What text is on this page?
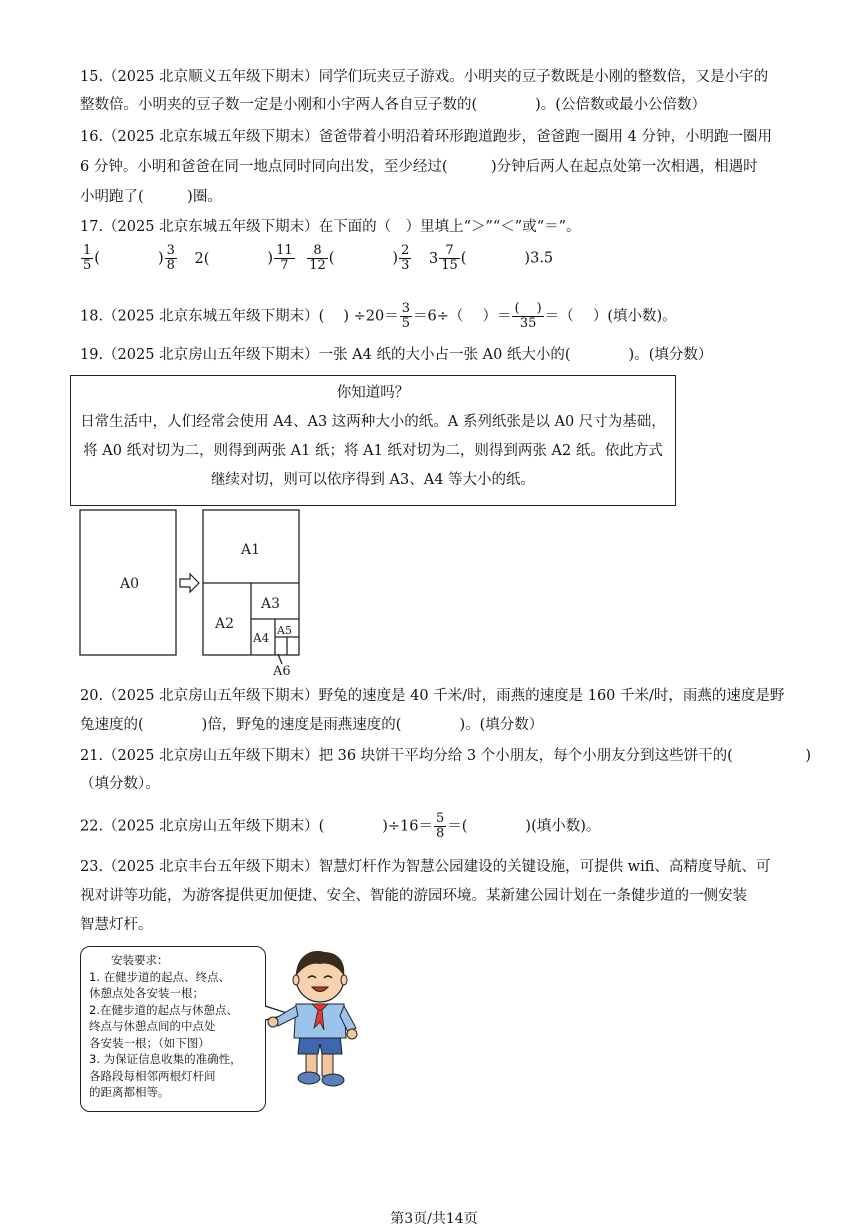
15.（2025 北京顺义五年级下期末）同学们玩夹豆子游戏。小明夹的豆子数既是小刚的整数倍，又是小宇的
整数倍。小明夹的豆子数一定是小刚和小宇两人各自豆子数的(　　　　)。(公倍数或最小公倍数）
16.（2025 北京东城五年级下期末）爸爸带着小明沿着环形跑道跑步，爸爸跑一圈用 4 分钟，小明跑一圈用
6 分钟。小明和爸爸在同一地点同时同向出发，至少经过(　　　)分钟后两人在起点处第一次相遇，相遇时
小明跑了(　　　)圈。
17.（2025 北京东城五年级下期末）在下面的（　）里填上“＞”“＜”或“＝”。
$\frac{1}{5}$ (　　　　) $\frac{3}{8} 2$(　　　　) $\frac{11}{7}$
$\frac{8}{12}$ (　　　　) $\frac{2}{3} 3 \frac{7}{15}$ (　　　　)3.5
18.（2025 北京东城五年级下期末）(　 ) $\div 20= \frac{3}{5} =6\div$（　 ）＝ $\frac{( )}{35}$ ＝（　 ）(填小数)。
19.（2025 北京房山五年级下期末）一张 A4 纸的大小占一张 A0 纸大小的(　　　　)。(填分数）
你知道吗？
日常生活中，人们经常会使用 A4、A3 这两种大小的纸。A 系列纸张是以 A0 尺寸为基础，
将 A0 纸对切为二，则得到两张 A1 纸；将 A1 纸对切为二，则得到两张 A2 纸。依此方式
继续对切，则可以依序得到 A3、A4 等大小的纸。
A0
A1
A2
A3
A4
A5
A6
20.（2025 北京房山五年级下期末）野兔的速度是 40 千米/时，雨燕的速度是 160 千米/时，雨燕的速度是野
兔速度的(　　　　)倍，野兔的速度是雨燕速度的(　　　　)。(填分数）
21.（2025 北京房山五年级下期末）把 36 块饼干平均分给 3 个小朋友，每个小朋友分到这些饼干的(　　　　　)
（填分数）。
22.（2025 北京房山五年级下期末）(　　　　)$\div 16= \frac{5}{8}$ ＝(　　　　)(填小数)。
23.（2025 北京丰台五年级下期末）智慧灯杆作为智慧公园建设的关键设施，可提供 wifi、高精度导航、可
视对讲等功能，为游客提供更加便捷、安全、智能的游园环境。某新建公园计划在一条健步道的一侧安装
智慧灯杆。
安装要求：
1. 在健步道的起点、终点、
休憩点处各安装一根；
2.在健步道的起点与休憩点、
终点与休憩点间的中点处
各安装一根；（如下图）
3. 为保证信息收集的准确性，
各路段每相邻两根灯杆间
的距离都相等。
第3页/共14页
